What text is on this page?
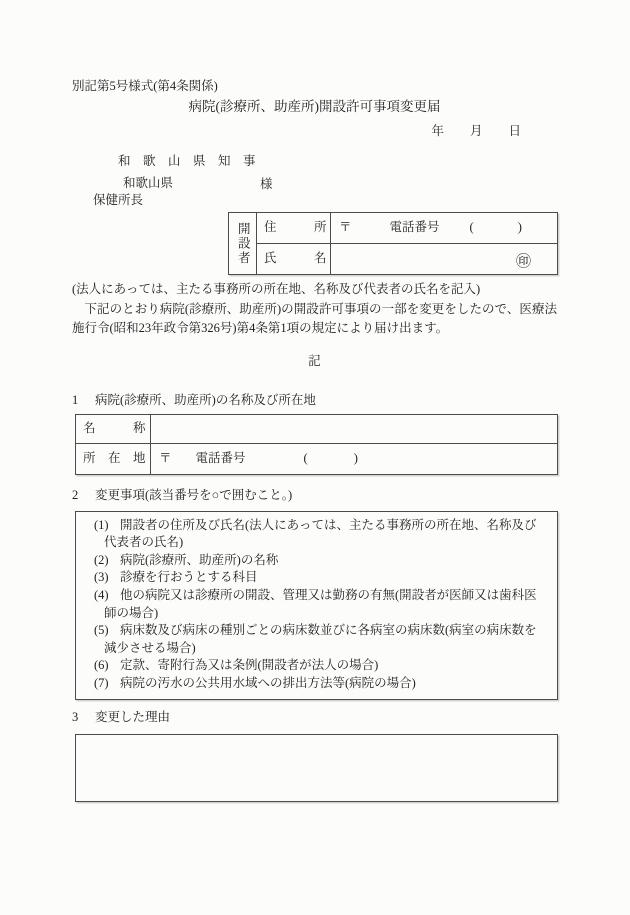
別記第5号様式(第4条関係)
病院(診療所、助産所)開設許可事項変更届
年 月 日
和　歌　山　県　知　事
和歌山県
保健所長
様
開設者	住　　　所 〒	電話番号 (	)
氏　　　名	㊞
(法人にあっては、主たる事務所の所在地、名称及び代表者の氏名を記入)
下記のとおり病院(診療所、助産所)の開設許可事項の一部を変更をしたので、医療法施行令(昭和23年政令第326号)第4条第1項の規定により届け出ます。
記
1	病院(診療所、助産所)の名称及び所在地
名　　　称
所　在　地	〒 電話番号	(	)
2	変更事項(該当番号を○で囲むこと。)
(1) 開設者の住所及び氏名(法人にあっては、主たる事務所の所在地、名称及び代表者の氏名)
(2) 病院(診療所、助産所)の名称
(3) 診療を行おうとする科目
(4) 他の病院又は診療所の開設、管理又は勤務の有無(開設者が医師又は歯科医師の場合)
(5) 病床数及び病床の種別ごとの病床数並びに各病室の病床数(病室の病床数を減少させる場合)
(6) 定款、寄附行為又は条例(開設者が法人の場合)
(7) 病院の汚水の公共用水域への排出方法等(病院の場合)
3	変更した理由
